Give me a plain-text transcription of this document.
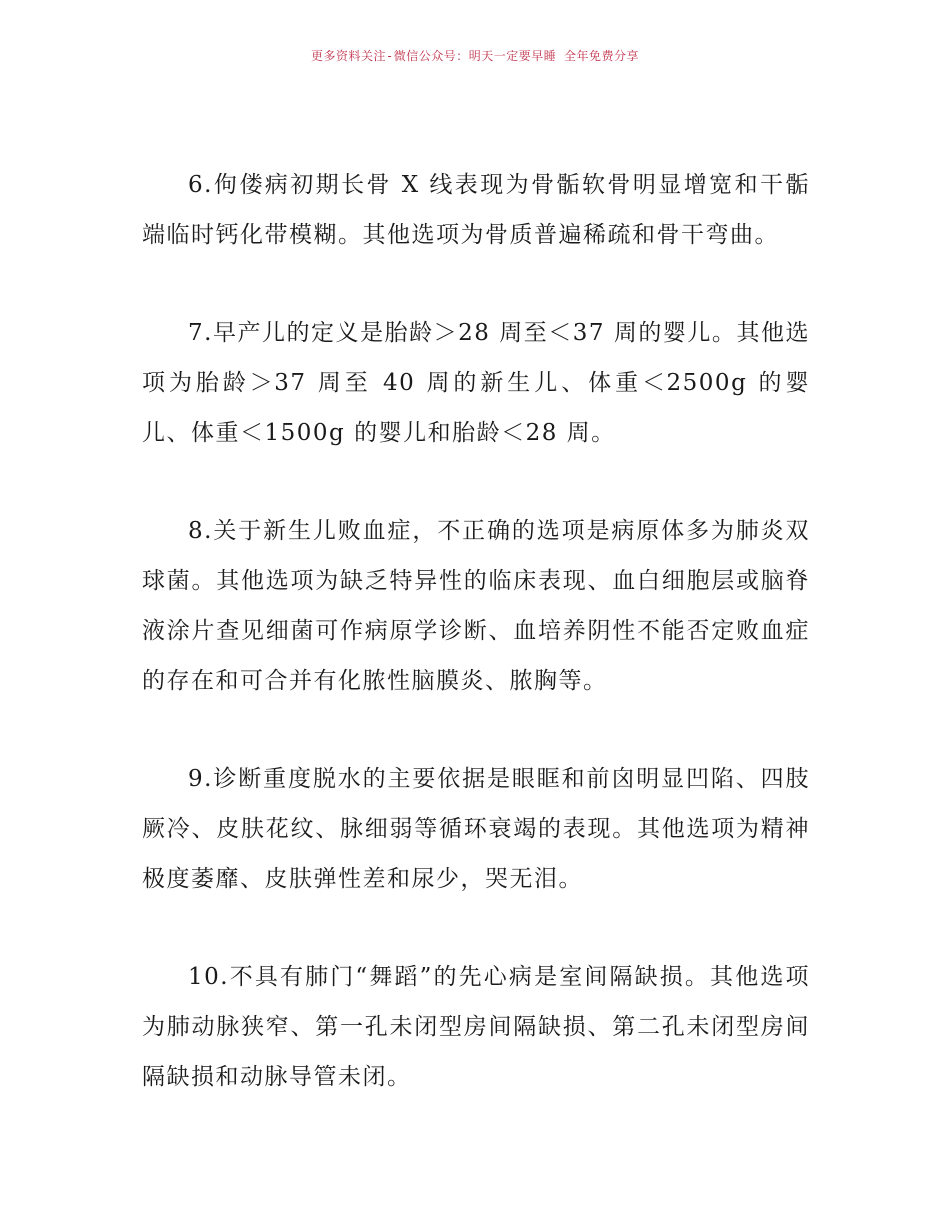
更多资料关注-微信公众号：明天一定要早睡 全年免费分享

6.佝偻病初期长骨 X 线表现为骨骺软骨明显增宽和干骺端临时钙化带模糊。其他选项为骨质普遍稀疏和骨干弯曲。

7.早产儿的定义是胎龄＞28 周至＜37 周的婴儿。其他选项为胎龄＞37 周至 40 周的新生儿、体重＜2500g 的婴儿、体重＜1500g 的婴儿和胎龄＜28 周。

8.关于新生儿败血症，不正确的选项是病原体多为肺炎双球菌。其他选项为缺乏特异性的临床表现、血白细胞层或脑脊液涂片查见细菌可作病原学诊断、血培养阴性不能否定败血症的存在和可合并有化脓性脑膜炎、脓胸等。

9.诊断重度脱水的主要依据是眼眶和前囟明显凹陷、四肢厥冷、皮肤花纹、脉细弱等循环衰竭的表现。其他选项为精神极度萎靡、皮肤弹性差和尿少，哭无泪。

10.不具有肺门“舞蹈”的先心病是室间隔缺损。其他选项为肺动脉狭窄、第一孔未闭型房间隔缺损、第二孔未闭型房间隔缺损和动脉导管未闭。
